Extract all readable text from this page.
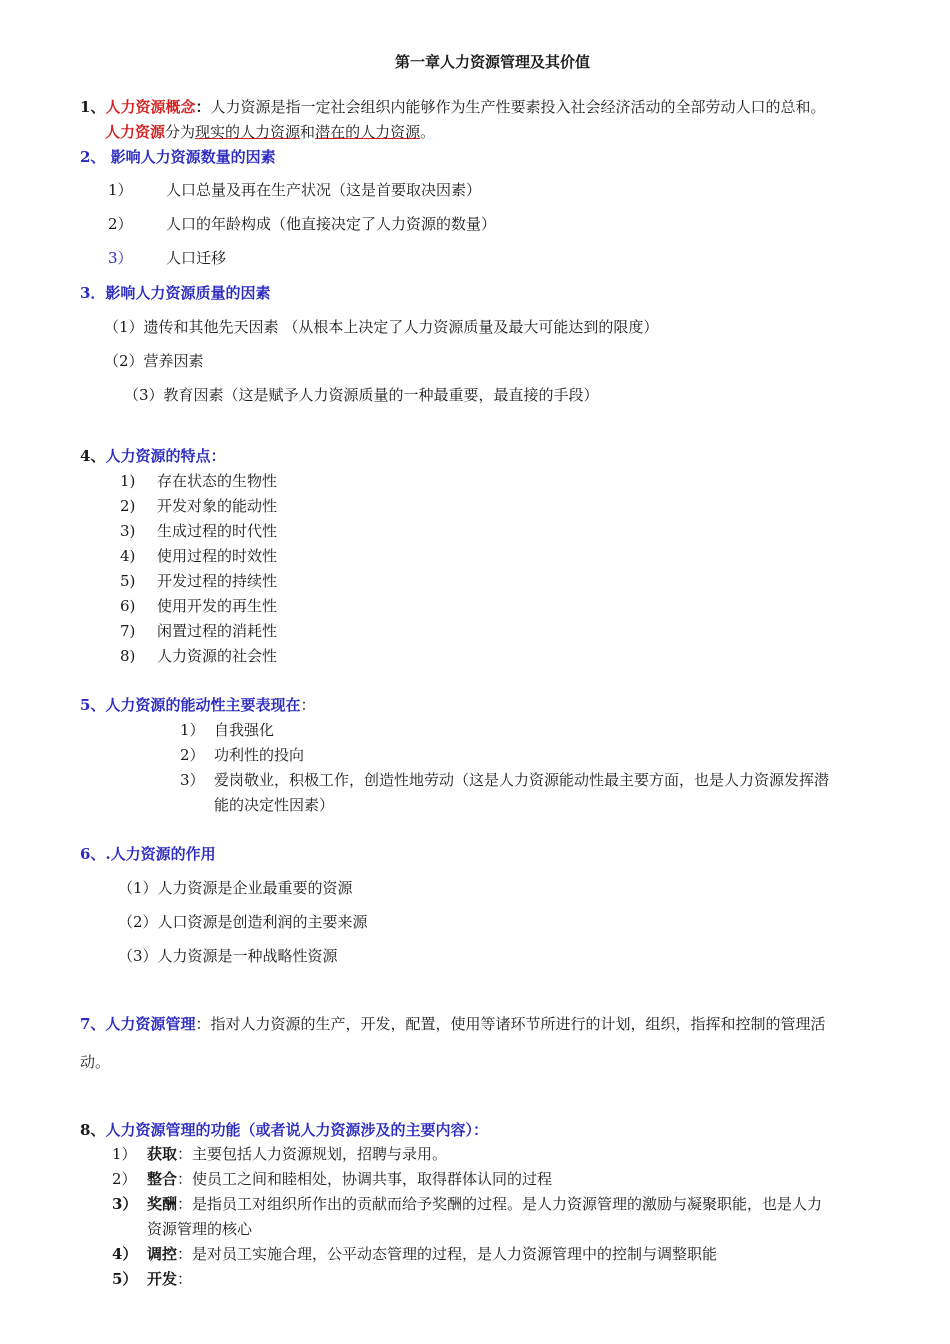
第一章人力资源管理及其价值
1、人力资源概念：人力资源是指一定社会组织内能够作为生产性要素投入社会经济活动的全部劳动人口的总和。
人力资源分为现实的人力资源和潜在的人力资源。
2、 影响人力资源数量的因素
1） 人口总量及再在生产状况（这是首要取决因素）
2） 人口的年龄构成（他直接决定了人力资源的数量）
3） 人口迁移
3．影响人力资源质量的因素
（1）遗传和其他先天因素 （从根本上决定了人力资源质量及最大可能达到的限度）
（2）营养因素
（3）教育因素（这是赋予人力资源质量的一种最重要，最直接的手段）
4、人力资源的特点：
1) 存在状态的生物性
2) 开发对象的能动性
3) 生成过程的时代性
4) 使用过程的时效性
5) 开发过程的持续性
6) 使用开发的再生性
7) 闲置过程的消耗性
8) 人力资源的社会性
5、人力资源的能动性主要表现在：
1） 自我强化
2） 功利性的投向
3） 爱岗敬业，积极工作，创造性地劳动（这是人力资源能动性最主要方面，也是人力资源发挥潜
能的决定性因素）
6、.人力资源的作用
（1）人力资源是企业最重要的资源
（2）人口资源是创造利润的主要来源
（3）人力资源是一种战略性资源
7、人力资源管理：指对人力资源的生产，开发，配置，使用等诸环节所进行的计划，组织，指挥和控制的管理活
动。
8、人力资源管理的功能（或者说人力资源涉及的主要内容）：
1） 获取：主要包括人力资源规划，招聘与录用。
2） 整合：使员工之间和睦相处，协调共事，取得群体认同的过程
3） 奖酬：是指员工对组织所作出的贡献而给予奖酬的过程。是人力资源管理的激励与凝聚职能，也是人力
资源管理的核心
4） 调控：是对员工实施合理，公平动态管理的过程，是人力资源管理中的控制与调整职能
5） 开发：
